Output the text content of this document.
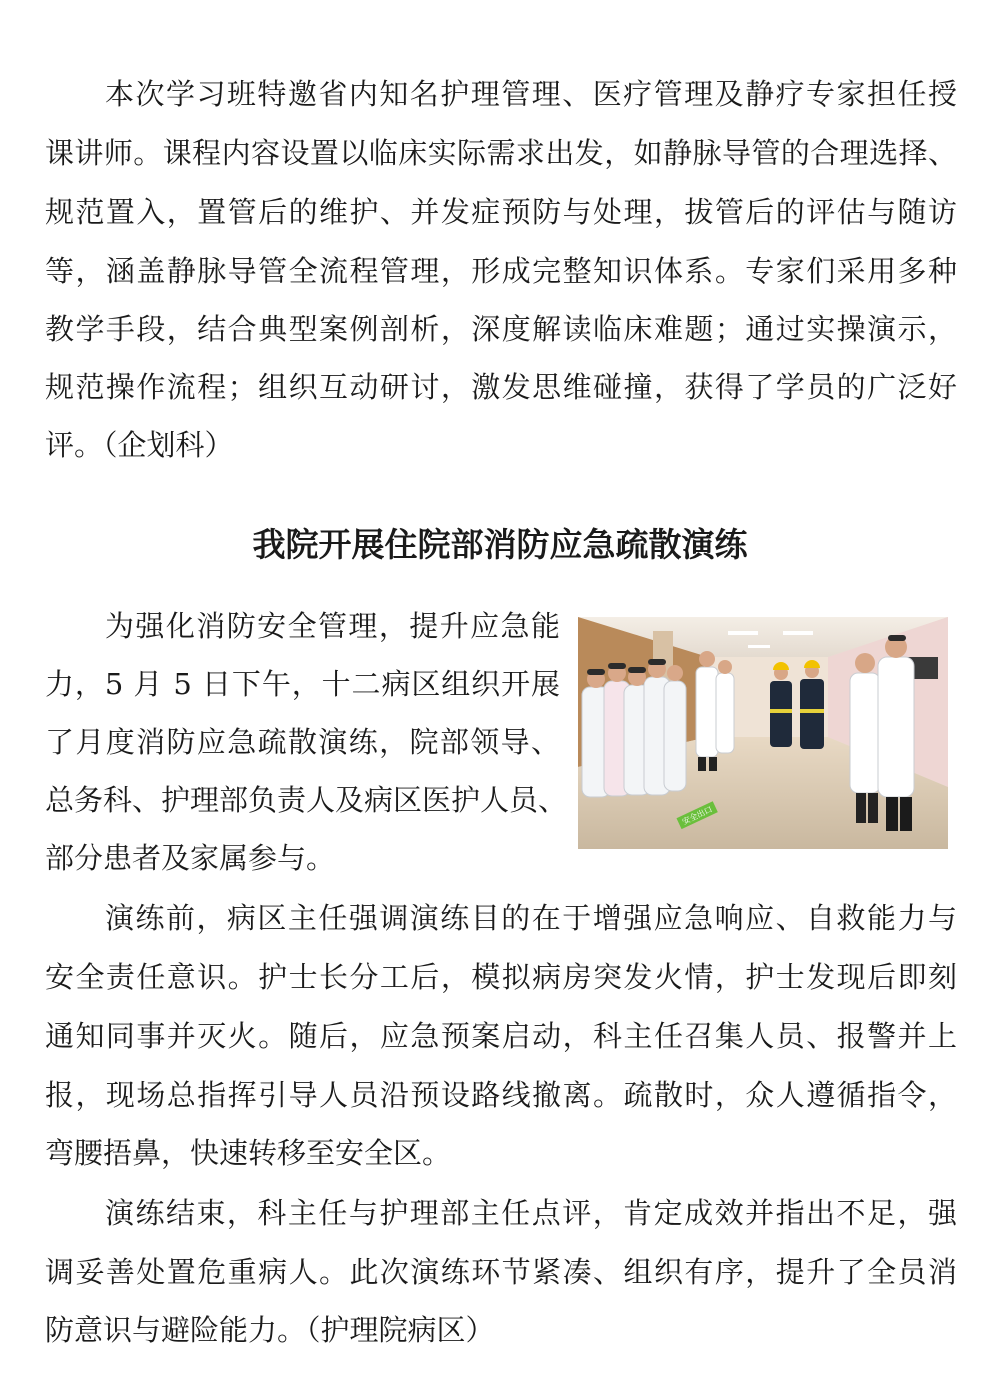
本次学习班特邀省内知名护理管理、医疗管理及静疗专家担任授
课讲师。课程内容设置以临床实际需求出发，如静脉导管的合理选择、
规范置入，置管后的维护、并发症预防与处理，拔管后的评估与随访
等，涵盖静脉导管全流程管理，形成完整知识体系。专家们采用多种
教学手段，结合典型案例剖析，深度解读临床难题；通过实操演示，
规范操作流程；组织互动研讨，激发思维碰撞，获得了学员的广泛好
评。（企划科）
我院开展住院部消防应急疏散演练
为强化消防安全管理，提升应急能
力，5 月 5 日下午，十二病区组织开展
了月度消防应急疏散演练，院部领导、
总务科、护理部负责人及病区医护人员、
部分患者及家属参与。
安全出口
演练前，病区主任强调演练目的在于增强应急响应、自救能力与
安全责任意识。护士长分工后，模拟病房突发火情，护士发现后即刻
通知同事并灭火。随后，应急预案启动，科主任召集人员、报警并上
报，现场总指挥引导人员沿预设路线撤离。疏散时，众人遵循指令，
弯腰捂鼻，快速转移至安全区。
演练结束，科主任与护理部主任点评，肯定成效并指出不足，强
调妥善处置危重病人。此次演练环节紧凑、组织有序，提升了全员消
防意识与避险能力。（护理院病区）
